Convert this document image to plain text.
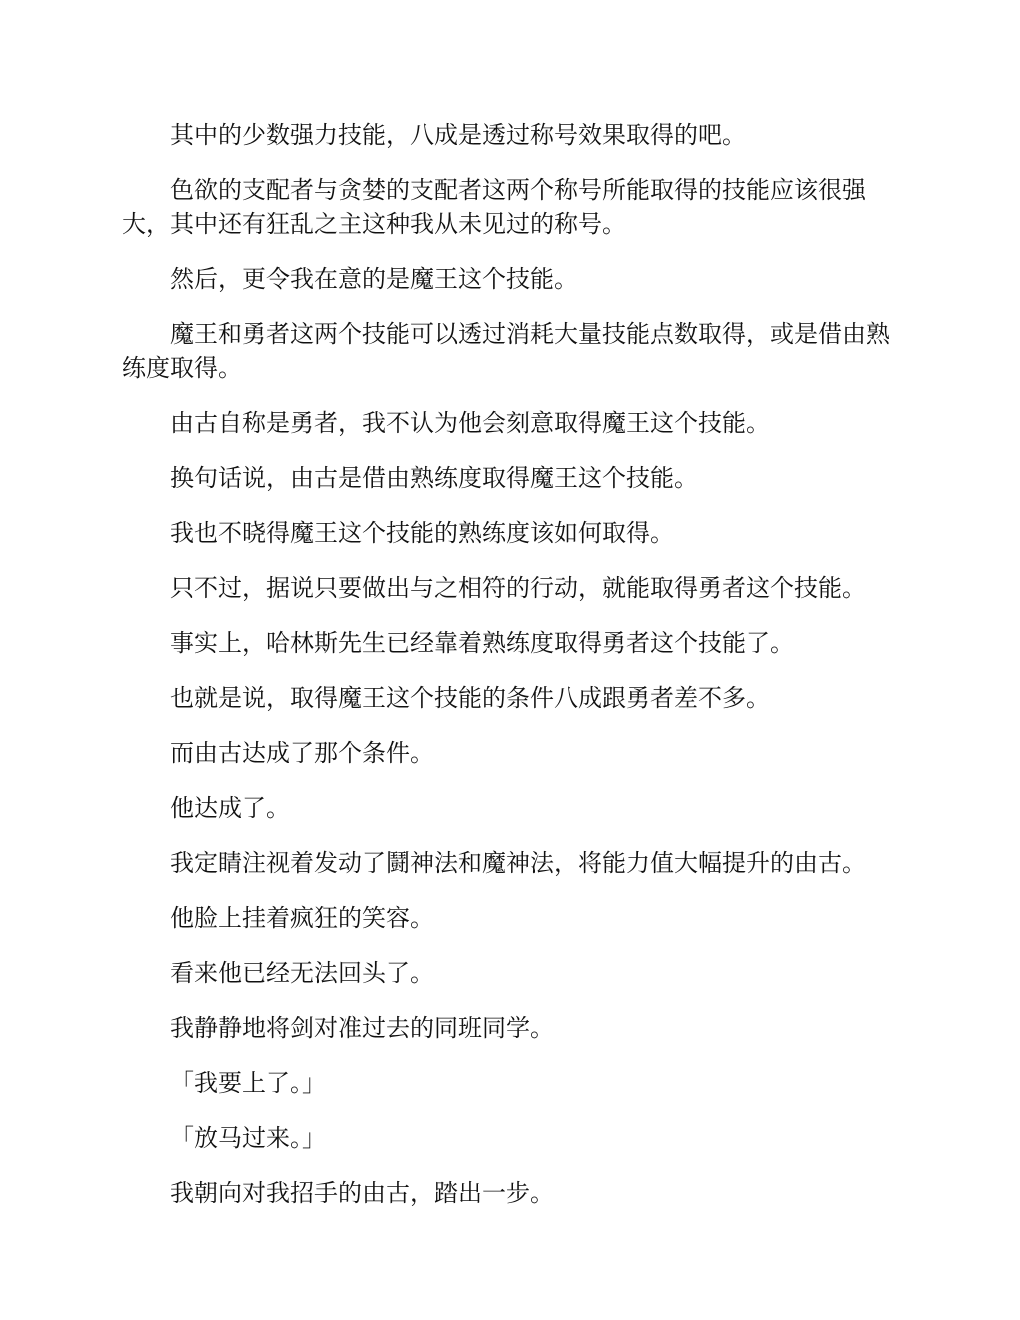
其中的少数强力技能，八成是透过称号效果取得的吧。

色欲的支配者与贪婪的支配者这两个称号所能取得的技能应该很强大，其中还有狂乱之主这种我从未见过的称号。

然后，更令我在意的是魔王这个技能。

魔王和勇者这两个技能可以透过消耗大量技能点数取得，或是借由熟练度取得。

由古自称是勇者，我不认为他会刻意取得魔王这个技能。

换句话说，由古是借由熟练度取得魔王这个技能。

我也不晓得魔王这个技能的熟练度该如何取得。

只不过，据说只要做出与之相符的行动，就能取得勇者这个技能。

事实上，哈林斯先生已经靠着熟练度取得勇者这个技能了。

也就是说，取得魔王这个技能的条件八成跟勇者差不多。

而由古达成了那个条件。

他达成了。

我定睛注视着发动了鬪神法和魔神法，将能力值大幅提升的由古。

他脸上挂着疯狂的笑容。

看来他已经无法回头了。

我静静地将剑对准过去的同班同学。

「我要上了。」

「放马过来。」

我朝向对我招手的由古，踏出一步。
